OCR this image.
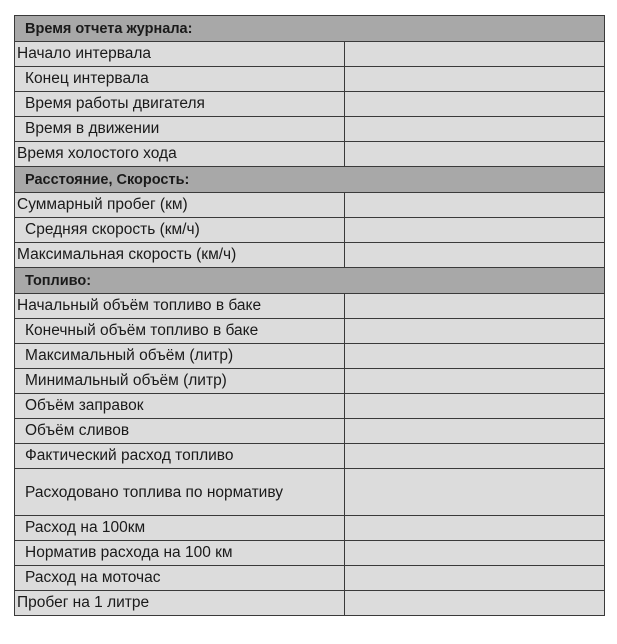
Время отчета журнала:	
Начало интервала	
Конец интервала	
Время работы двигателя	
Время в движении	
Время холостого хода	
Расстояние, Скорость:	
Суммарный пробег (км)	
Средняя скорость (км/ч)	
Максимальная скорость (км/ч)	
Топливо:	
Начальный объём топливо в баке	
Конечный объём топливо в баке	
Максимальный объём (литр)	
Минимальный объём (литр)	
Объём заправок	
Объём сливов	
Фактический расход топливо	
Расходовано топлива по нормативу	
Расход на 100км	
Норматив расхода на 100 км	
Расход на моточас	
Пробег на 1 литре	
